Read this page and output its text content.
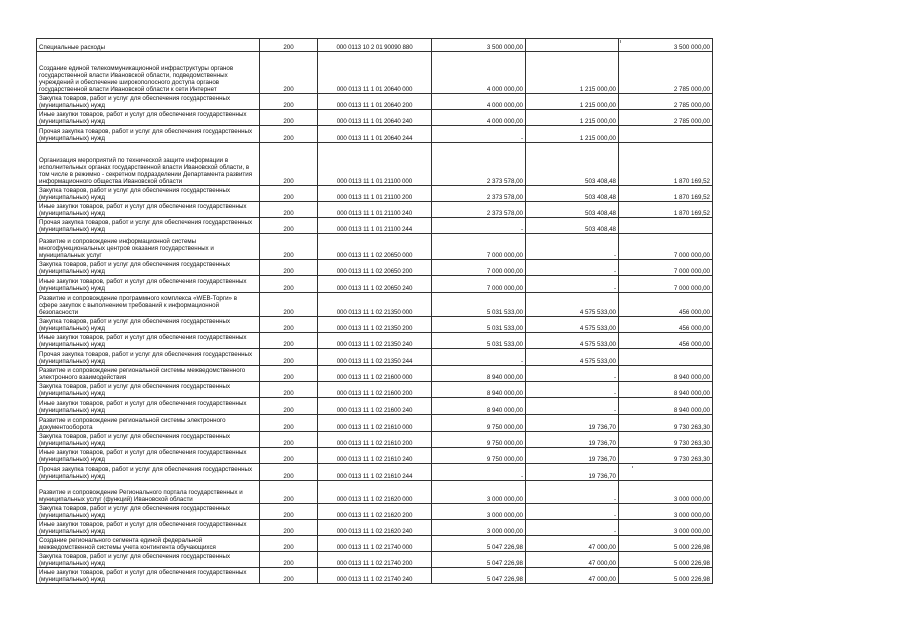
Специальные расходы	200	000 0113 10 2 01 90090 880	3 500 000,00		3 500 000,00
Создание единой телекоммуникационной инфраструктуры органов государственной власти Ивановской области, подведомственных учреждений и обеспечение широкополосного доступа органов государственной власти Ивановской области к сети Интернет	200	000 0113 11 1 01 20640 000	4 000 000,00	1 215 000,00	2 785 000,00
Закупка товаров, работ и услуг для обеспечения государственных (муниципальных) нужд	200	000 0113 11 1 01 20640 200	4 000 000,00	1 215 000,00	2 785 000,00
Иные закупки товаров, работ и услуг для обеспечения государственных (муниципальных) нужд	200	000 0113 11 1 01 20640 240	4 000 000,00	1 215 000,00	2 785 000,00
Прочая закупка товаров, работ и услуг для обеспечения государственных (муниципальных) нужд	200	000 0113 11 1 01 20640 244	-	1 215 000,00	
Организация мероприятий по технической защите информации в исполнительных органах государственной власти Ивановской области, в том числе в режимно - секретном подразделении Департамента развития информационного общества Ивановской области	200	000 0113 11 1 01 21100 000	2 373 578,00	503 408,48	1 870 169,52
Закупка товаров, работ и услуг для обеспечения государственных (муниципальных) нужд	200	000 0113 11 1 01 21100 200	2 373 578,00	503 408,48	1 870 169,52
Иные закупки товаров, работ и услуг для обеспечения государственных (муниципальных) нужд	200	000 0113 11 1 01 21100 240	2 373 578,00	503 408,48	1 870 169,52
Прочая закупка товаров, работ и услуг для обеспечения государственных (муниципальных) нужд	200	000 0113 11 1 01 21100 244	-	503 408,48	
Развитие и сопровождение информационной системы многофункциональных центров оказания государственных и муниципальных услуг	200	000 0113 11 1 02 20650 000	7 000 000,00	-	7 000 000,00
Закупка товаров, работ и услуг для обеспечения государственных (муниципальных) нужд	200	000 0113 11 1 02 20650 200	7 000 000,00	-	7 000 000,00
Иные закупки товаров, работ и услуг для обеспечения государственных (муниципальных) нужд	200	000 0113 11 1 02 20650 240	7 000 000,00	-	7 000 000,00
Развитие и сопровождение программного комплекса «WEB-Торги» в сфере закупок с выполнением требований к информационной безопасности	200	000 0113 11 1 02 21350 000	5 031 533,00	4 575 533,00	456 000,00
Закупка товаров, работ и услуг для обеспечения государственных (муниципальных) нужд	200	000 0113 11 1 02 21350 200	5 031 533,00	4 575 533,00	456 000,00
Иные закупки товаров, работ и услуг для обеспечения государственных (муниципальных) нужд	200	000 0113 11 1 02 21350 240	5 031 533,00	4 575 533,00	456 000,00
Прочая закупка товаров, работ и услуг для обеспечения государственных (муниципальных) нужд	200	000 0113 11 1 02 21350 244	-	4 575 533,00	
Развитие и сопровождение региональной системы межведомственного электронного взаимодействия	200	000 0113 11 1 02 21600 000	8 940 000,00	-	8 940 000,00
Закупка товаров, работ и услуг для обеспечения государственных (муниципальных) нужд	200	000 0113 11 1 02 21600 200	8 940 000,00	-	8 940 000,00
Иные закупки товаров, работ и услуг для обеспечения государственных (муниципальных) нужд	200	000 0113 11 1 02 21600 240	8 940 000,00	-	8 940 000,00
Развитие и сопровождение региональной системы электронного документооборота	200	000 0113 11 1 02 21610 000	9 750 000,00	19 736,70	9 730 263,30
Закупка товаров, работ и услуг для обеспечения государственных (муниципальных) нужд	200	000 0113 11 1 02 21610 200	9 750 000,00	19 736,70	9 730 263,30
Иные закупки товаров, работ и услуг для обеспечения государственных (муниципальных) нужд	200	000 0113 11 1 02 21610 240	9 750 000,00	19 736,70	9 730 263,30
Прочая закупка товаров, работ и услуг для обеспечения государственных (муниципальных) нужд	200	000 0113 11 1 02 21610 244	-	19 736,70	
Развитие и сопровождение Регионального портала государственных и муниципальных услуг (функций) Ивановской области	200	000 0113 11 1 02 21620 000	3 000 000,00	-	3 000 000,00
Закупка товаров, работ и услуг для обеспечения государственных (муниципальных) нужд	200	000 0113 11 1 02 21620 200	3 000 000,00	-	3 000 000,00
Иные закупки товаров, работ и услуг для обеспечения государственных (муниципальных) нужд	200	000 0113 11 1 02 21620 240	3 000 000,00	-	3 000 000,00
Создание регионального сегмента единой федеральной межведомственной системы учета контингента обучающихся	200	000 0113 11 1 02 21740 000	5 047 226,98	47 000,00	5 000 226,98
Закупка товаров, работ и услуг для обеспечения государственных (муниципальных) нужд	200	000 0113 11 1 02 21740 200	5 047 226,98	47 000,00	5 000 226,98
Иные закупки товаров, работ и услуг для обеспечения государственных (муниципальных) нужд	200	000 0113 11 1 02 21740 240	5 047 226,98	47 000,00	5 000 226,98
